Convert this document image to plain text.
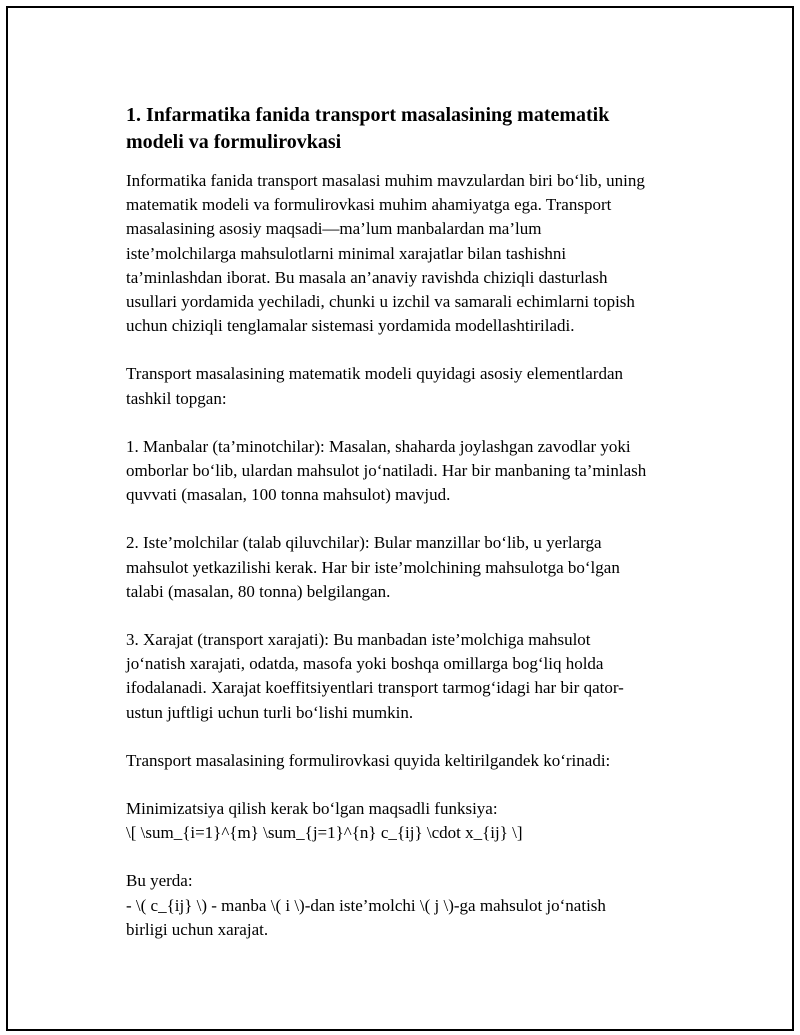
1. Infarmatika fanida transport masalasining matematik
modeli va formulirovkasi

Informatika fanida transport masalasi muhim mavzulardan biri bo‘lib, uning
matematik modeli va formulirovkasi muhim ahamiyatga ega. Transport
masalasining asosiy maqsadi—ma’lum manbalardan ma’lum
iste’molchilarga mahsulotlarni minimal xarajatlar bilan tashishni
ta’minlashdan iborat. Bu masala an’anaviy ravishda chiziqli dasturlash
usullari yordamida yechiladi, chunki u izchil va samarali echimlarni topish
uchun chiziqli tenglamalar sistemasi yordamida modellashtiriladi.

Transport masalasining matematik modeli quyidagi asosiy elementlardan
tashkil topgan:

1. Manbalar (ta’minotchilar): Masalan, shaharda joylashgan zavodlar yoki
omborlar bo‘lib, ulardan mahsulot jo‘natiladi. Har bir manbaning ta’minlash
quvvati (masalan, 100 tonna mahsulot) mavjud.

2. Iste’molchilar (talab qiluvchilar): Bular manzillar bo‘lib, u yerlarga
mahsulot yetkazilishi kerak. Har bir iste’molchining mahsulotga bo‘lgan
talabi (masalan, 80 tonna) belgilangan.

3. Xarajat (transport xarajati): Bu manbadan iste’molchiga mahsulot
jo‘natish xarajati, odatda, masofa yoki boshqa omillarga bog‘liq holda
ifodalanadi. Xarajat koeffitsiyentlari transport tarmog‘idagi har bir qator-
ustun juftligi uchun turli bo‘lishi mumkin.

Transport masalasining formulirovkasi quyida keltirilgandek ko‘rinadi:

Minimizatsiya qilish kerak bo‘lgan maqsadli funksiya:
\[ \sum_{i=1}^{m} \sum_{j=1}^{n} c_{ij} \cdot x_{ij} \]

Bu yerda:
- \( c_{ij} \) - manba \( i \)-dan iste’molchi \( j \)-ga mahsulot jo‘natish
birligi uchun xarajat.
